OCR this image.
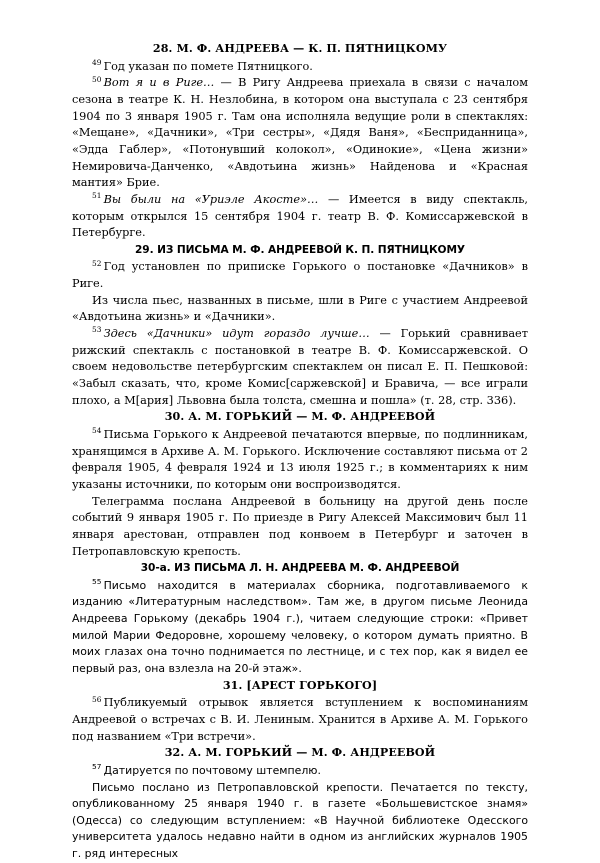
28. М. Ф. АНДРЕЕВА — К. П. ПЯТНИЦКОМУ

$^{49}$ Год указан по помете Пятницкого.

$^{50}$ Вот я и в Риге… — В Ригу Андреева приехала в связи с началом сезона в театре К. Н. Незлобина, в котором она выступала с 23 сентября 1904 по 3 января 1905 г. Там она исполняла ведущие роли в спектаклях: «Мещане», «Дачники», «Три сестры», «Дядя Ваня», «Бесприданница», «Эдда Габлер», «Потонувший колокол», «Одинокие», «Цена жизни» Немировича-Данченко, «Авдотьина жизнь» Найденова и «Красная мантия» Брие.

$^{51}$ Вы были на «Уриэле Акосте»… — Имеется в виду спектакль, которым открылся 15 сентября 1904 г. театр В. Ф. Комиссаржевской в Петербурге.

29. ИЗ ПИСЬМА М. Ф. АНДРЕЕВОЙ К. П. ПЯТНИЦКОМУ

$^{52}$ Год установлен по приписке Горького о постановке «Дачников» в Риге.

Из числа пьес, названных в письме, шли в Риге с участием Андреевой «Авдотьина жизнь» и «Дачники».

$^{53}$ Здесь «Дачники» идут гораздо лучше… — Горький сравнивает рижский спектакль с постановкой в театре В. Ф. Комиссаржевской. О своем недовольстве петербургским спектаклем он писал Е. П. Пешковой: «Забыл сказать, что, кроме Комис[саржевской] и Бравича, — все играли плохо, а М[ария] Львовна была толста, смешна и пошла» (т. 28, стр. 336).

30. А. М. ГОРЬКИЙ — М. Ф. АНДРЕЕВОЙ

$^{54}$ Письма Горького к Андреевой печатаются впервые, по подлинникам, хранящимся в Архиве А. М. Горького. Исключение составляют письма от 2 февраля 1905, 4 февраля 1924 и 13 июля 1925 г.; в комментариях к ним указаны источники, по которым они воспроизводятся.

Телеграмма послана Андреевой в больницу на другой день после событий 9 января 1905 г. По приезде в Ригу Алексей Максимович был 11 января арестован, отправлен под конвоем в Петербург и заточен в Петропавловскую крепость.

30-а. ИЗ ПИСЬМА Л. Н. АНДРЕЕВА М. Ф. АНДРЕЕВОЙ

$^{55}$ Письмо находится в материалах сборника, подготавливаемого к изданию «Литературным наследством». Там же, в другом письме Леонида Андреева Горькому (декабрь 1904 г.), читаем следующие строки: «Привет милой Марии Федоровне, хорошему человеку, о котором думать приятно. В моих глазах она точно поднимается по лестнице, и с тех пор, как я видел ее первый раз, она взлезла на 20-й этаж».

31. [АРЕСТ ГОРЬКОГО]

$^{56}$ Публикуемый отрывок является вступлением к воспоминаниям Андреевой о встречах с В. И. Лениным. Хранится в Архиве А. М. Горького под названием «Три встречи».

32. А. М. ГОРЬКИЙ — М. Ф. АНДРЕЕВОЙ

$^{57}$ Датируется по почтовому штемпелю.

Письмо послано из Петропавловской крепости. Печатается по тексту, опубликованному 25 января 1940 г. в газете «Большевистское знамя» (Одесса) со следующим вступлением: «В Научной библиотеке Одесского университета удалось недавно найти в одном из английских журналов 1905 г. ряд интересных
